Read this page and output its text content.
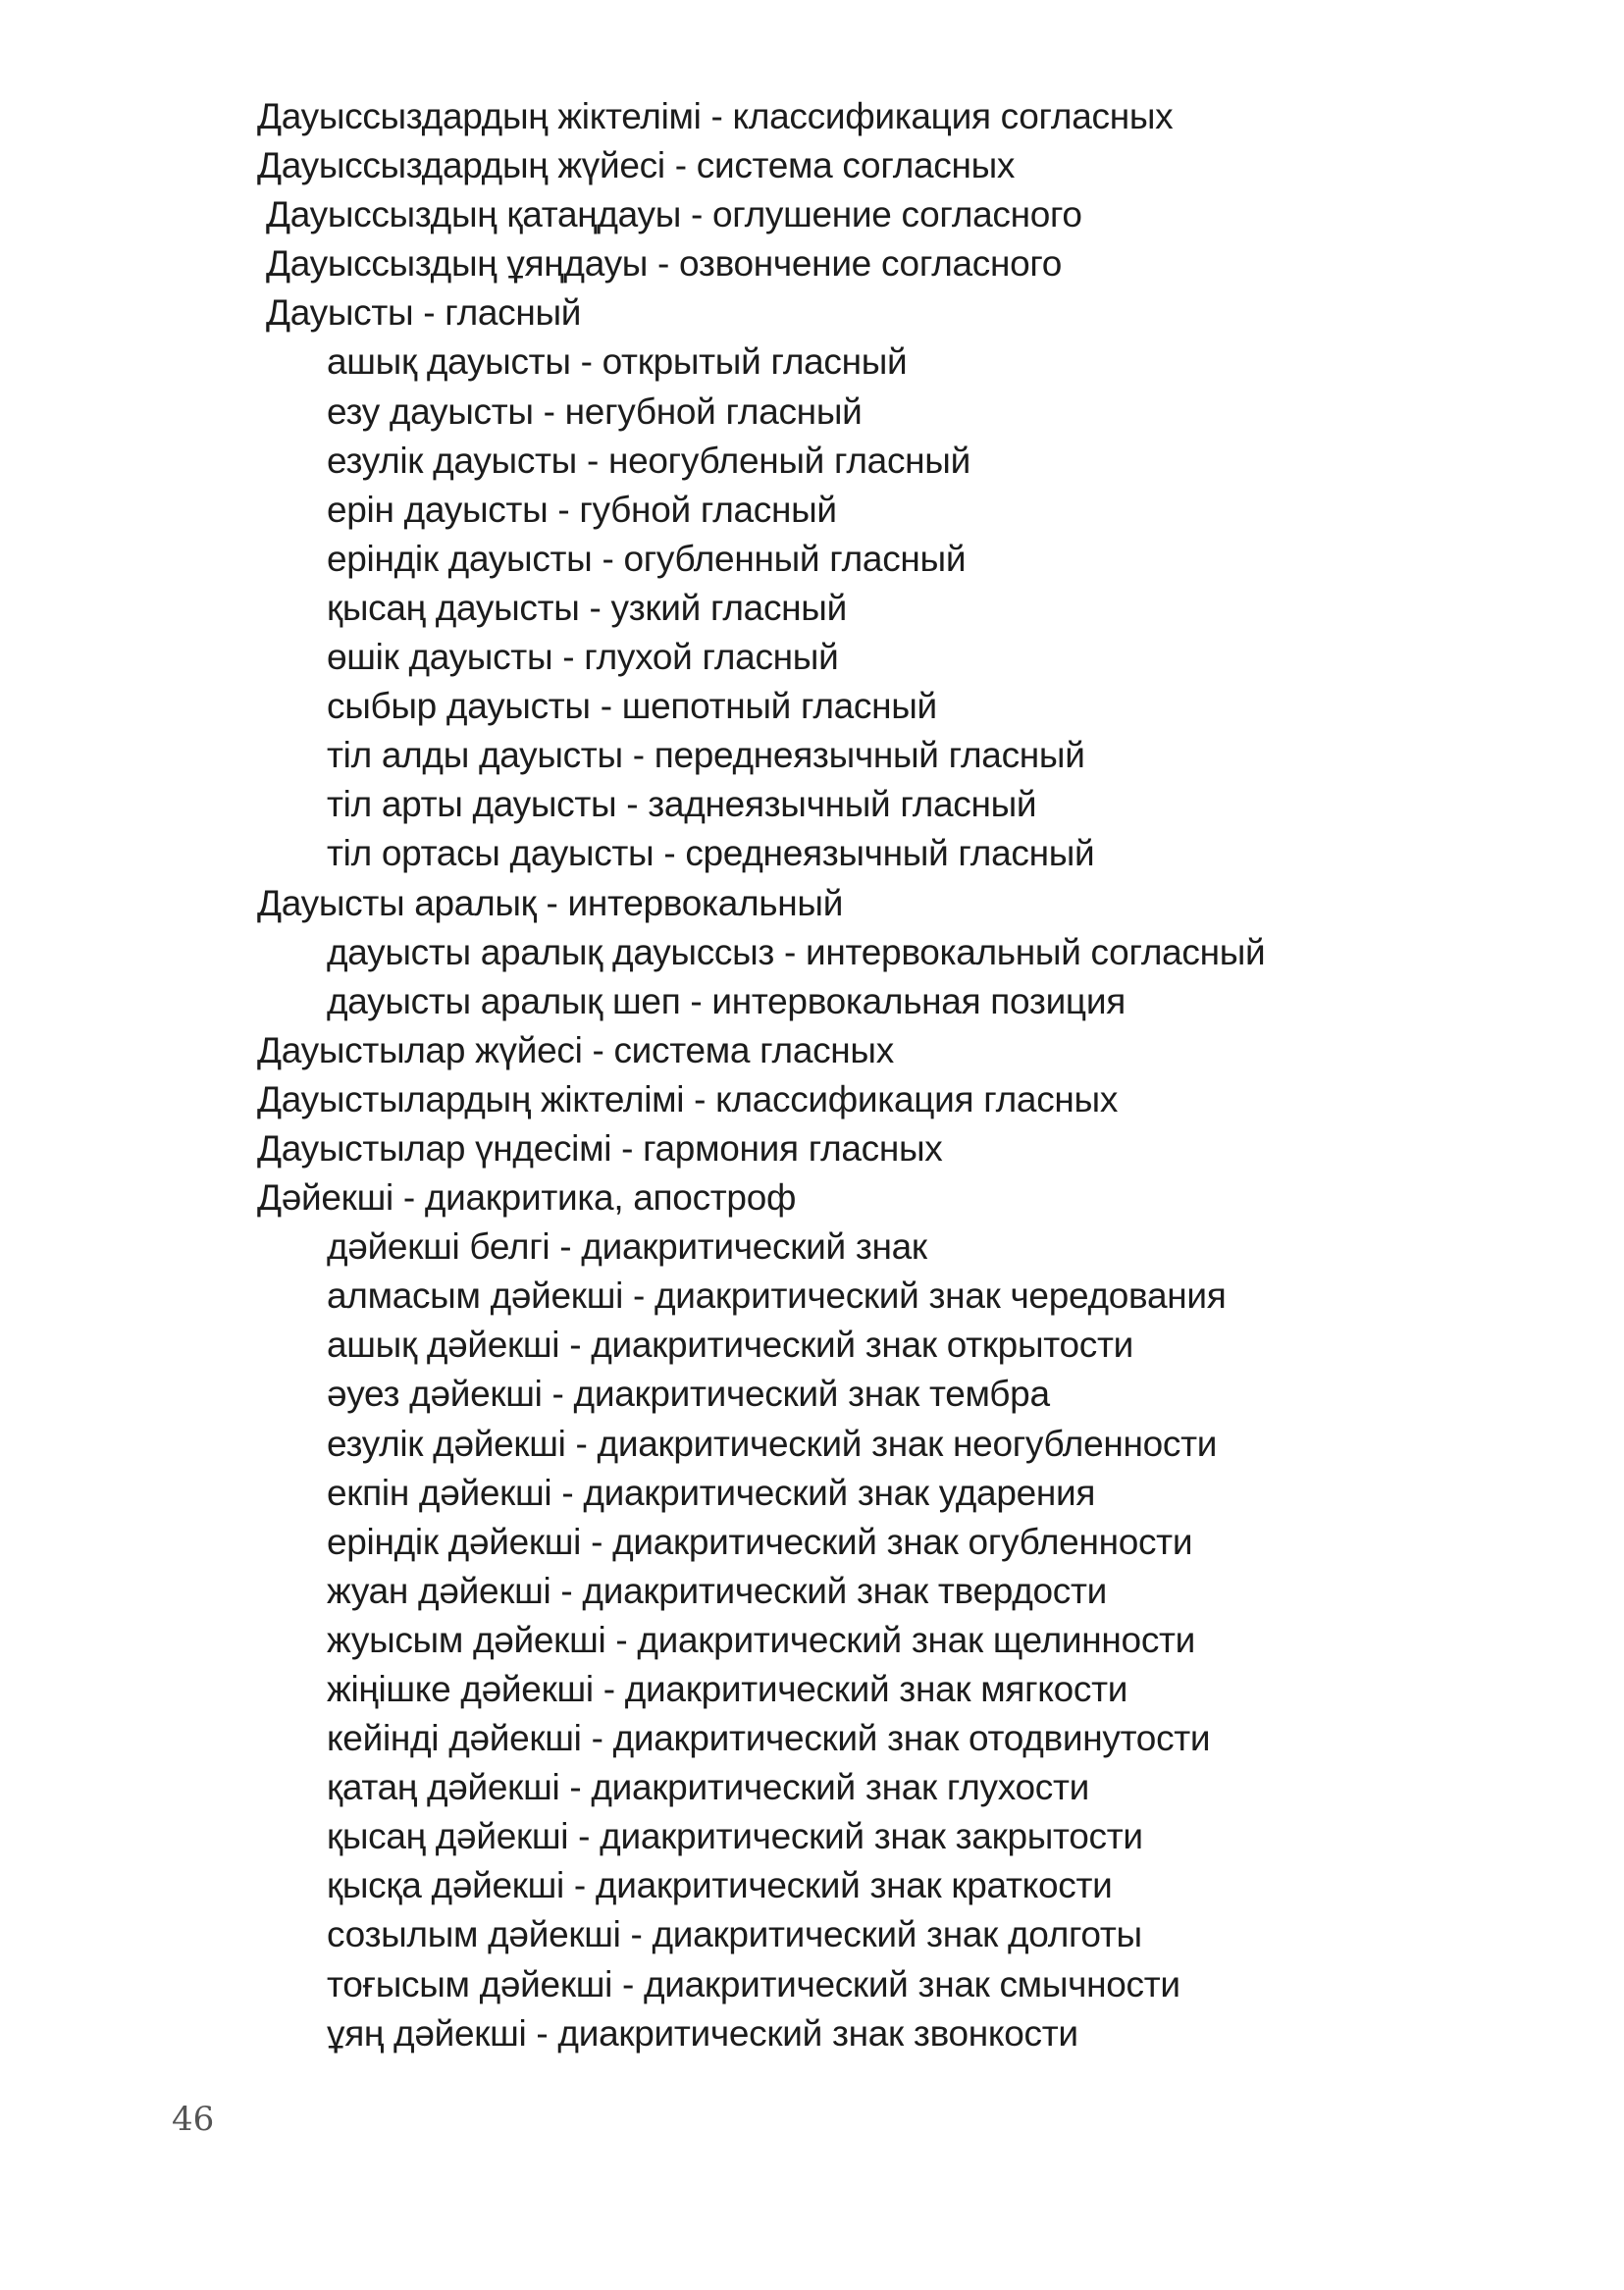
Дауыссыздардың жіктелімі - классификация согласных
Дауыссыздардың жүйесі - система согласных
Дауыссыздың қатаңдауы - оглушение согласного
Дауыссыздың ұяңдауы - озвончение согласного
Дауысты - гласный
ашық дауысты - открытый гласный
езу дауысты - негубной гласный
езулік дауысты - неогубленый гласный
ерін дауысты - губной гласный
еріндік дауысты - огубленный гласный
қысаң дауысты - узкий гласный
өшік дауысты - глухой гласный
сыбыр дауысты - шепотный гласный
тіл алды дауысты - переднеязычный гласный
тіл арты дауысты - заднеязычный гласный
тіл ортасы дауысты - среднеязычный гласный
Дауысты аралық - интервокальный
дауысты аралық дауыссыз - интервокальный согласный
дауысты аралық шеп - интервокальная позиция
Дауыстылар жүйесі - система гласных
Дауыстылардың жіктелімі - классификация гласных
Дауыстылар үндесімі - гармония гласных
Дәйекші - диакритика, апостроф
дәйекші белгі - диакритический знак
алмасым дәйекші - диакритический знак чередования
ашық дәйекші - диакритический знак открытости
әуез дәйекші - диакритический знак тембра
езулік дәйекші - диакритический знак неогубленности
екпін дәйекші - диакритический знак ударения
еріндік дәйекші - диакритический знак огубленности
жуан дәйекші - диакритический знак твердости
жуысым дәйекші - диакритический знак щелинности
жіңішке дәйекші - диакритический знак мягкости
кейінді дәйекші - диакритический знак отодвинутости
қатаң дәйекші - диакритический знак глухости
қысаң дәйекші - диакритический знак закрытости
қысқа дәйекші - диакритический знак краткости
созылым дәйекші - диакритический знак долготы
тоғысым дәйекші - диакритический знак смычности
ұяң дәйекші - диакритический знак звонкости
46
